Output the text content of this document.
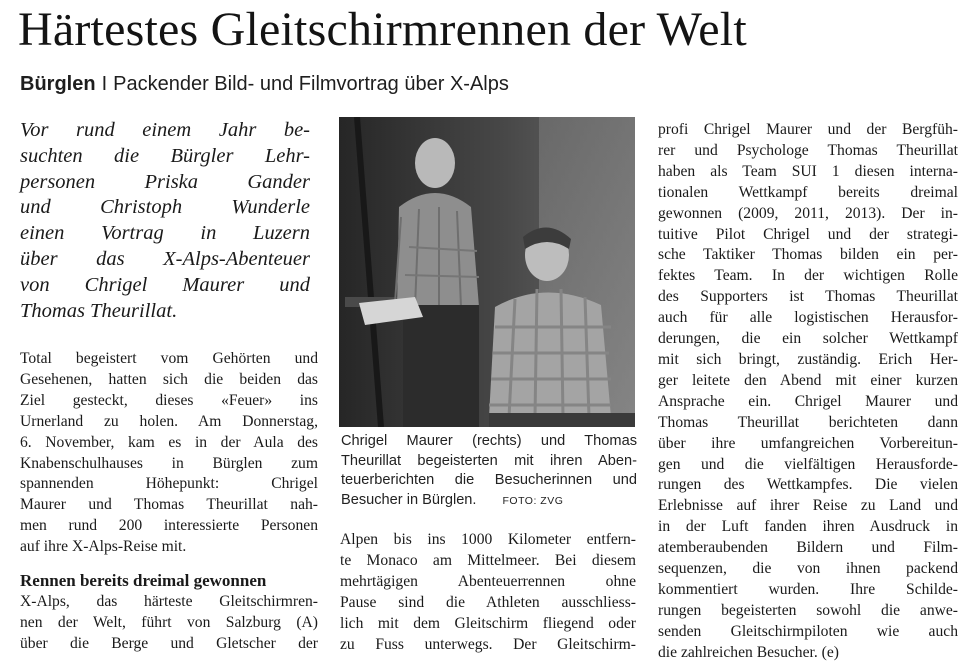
Härtestes Gleitschirmrennen der Welt
Bürglen I Packender Bild- und Filmvortrag über X-Alps
Vor rund einem Jahr be-
suchten die Bürgler Lehr-
personen Priska Gander
und Christoph Wunderle
einen Vortrag in Luzern
über das X-Alps-Abenteuer
von Chrigel Maurer und
Thomas Theurillat.
Total begeistert vom Gehörten und
Gesehenen, hatten sich die beiden das
Ziel gesteckt, dieses «Feuer» ins
Urnerland zu holen. Am Donnerstag,
6. November, kam es in der Aula des
Knabenschulhauses in Bürglen zum
spannenden Höhepunkt: Chrigel
Maurer und Thomas Theurillat nah-
men rund 200 interessierte Personen
auf ihre X-Alps-Reise mit.
Rennen bereits dreimal gewonnen
X-Alps, das härteste Gleitschirmren-
nen der Welt, führt von Salzburg (A)
über die Berge und Gletscher der
Chrigel Maurer (rechts) und Thomas
Theurillat begeisterten mit ihren Aben-
teuerberichten die Besucherinnen und
Besucher in Bürglen. FOTO: ZVG
Alpen bis ins 1000 Kilometer entfern-
te Monaco am Mittelmeer. Bei diesem
mehrtägigen Abenteuerrennen ohne
Pause sind die Athleten ausschliess-
lich mit dem Gleitschirm fliegend oder
zu Fuss unterwegs. Der Gleitschirm-
profi Chrigel Maurer und der Bergfüh-
rer und Psychologe Thomas Theurillat
haben als Team SUI 1 diesen interna-
tionalen Wettkampf bereits dreimal
gewonnen (2009, 2011, 2013). Der in-
tuitive Pilot Chrigel und der strategi-
sche Taktiker Thomas bilden ein per-
fektes Team. In der wichtigen Rolle
des Supporters ist Thomas Theurillat
auch für alle logistischen Herausfor-
derungen, die ein solcher Wettkampf
mit sich bringt, zuständig. Erich Her-
ger leitete den Abend mit einer kurzen
Ansprache ein. Chrigel Maurer und
Thomas Theurillat berichteten dann
über ihre umfangreichen Vorbereitun-
gen und die vielfältigen Herausforde-
rungen des Wettkampfes. Die vielen
Erlebnisse auf ihrer Reise zu Land und
in der Luft fanden ihren Ausdruck in
atemberaubenden Bildern und Film-
sequenzen, die von ihnen packend
kommentiert wurden. Ihre Schilde-
rungen begeisterten sowohl die anwe-
senden Gleitschirmpiloten wie auch
die zahlreichen Besucher. (e)
